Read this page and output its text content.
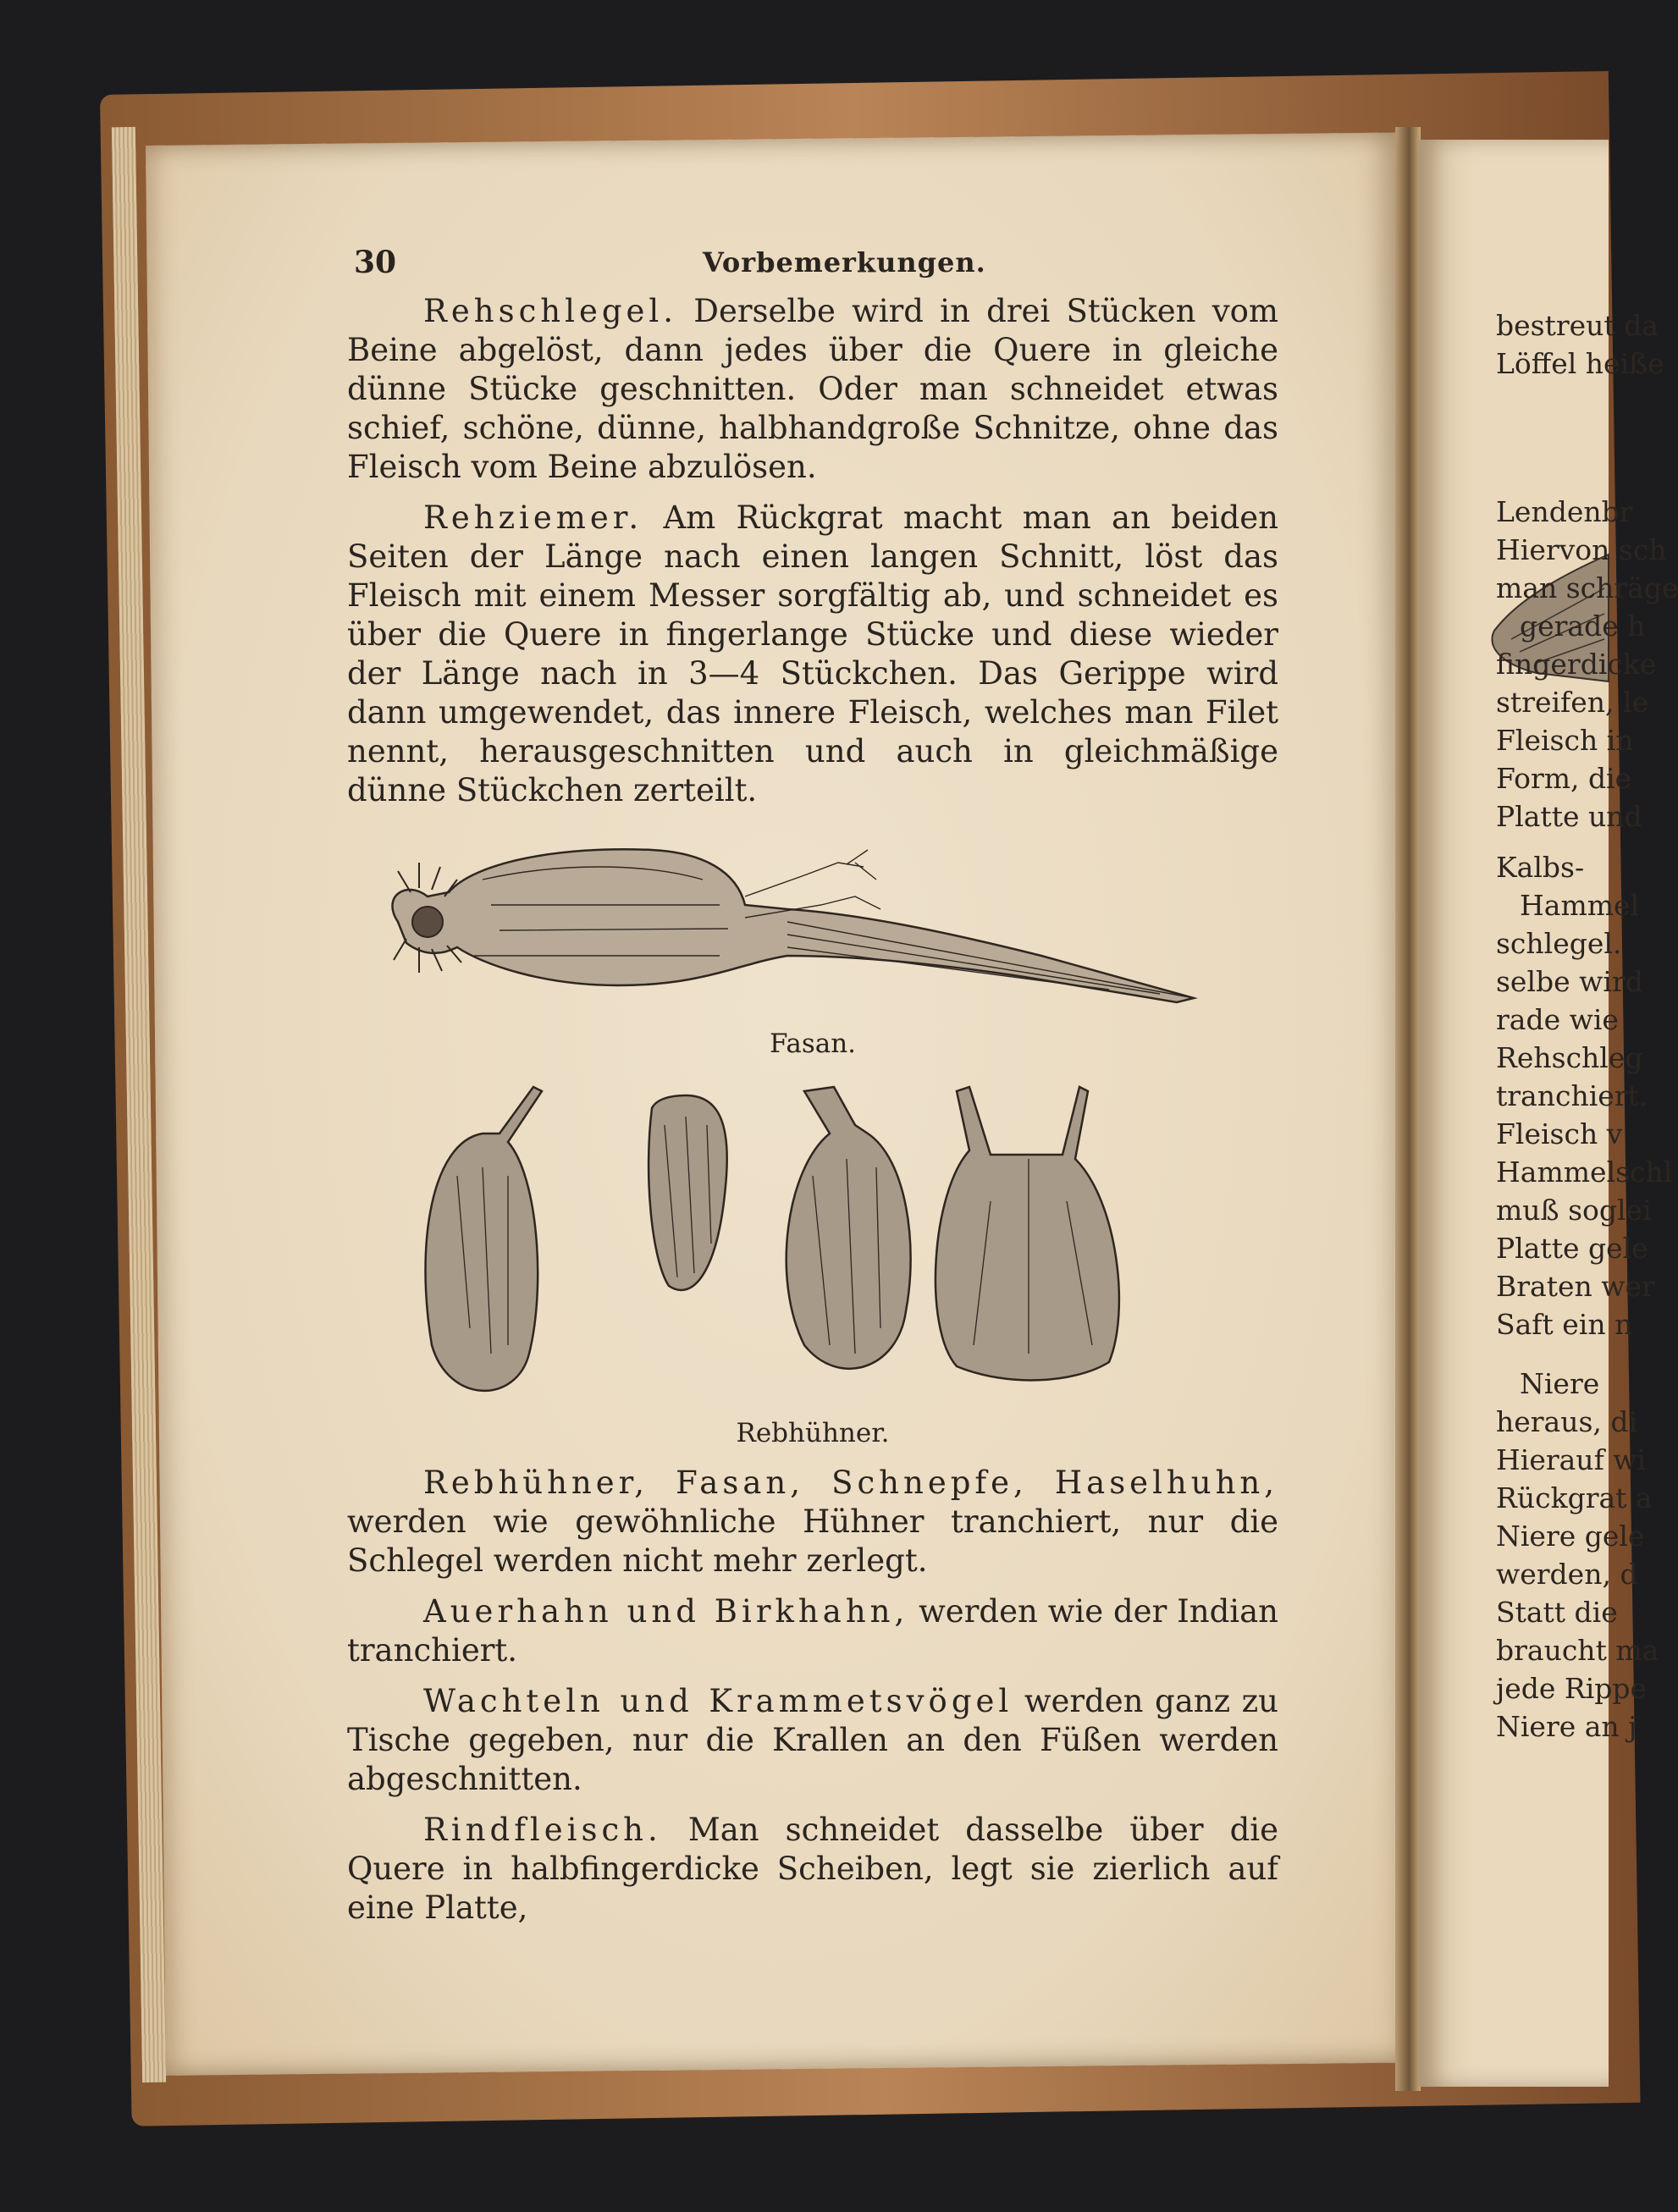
bestreut da
Löffel heiße
Lendenbr
Hiervon sch
man schräge
gerade h
fingerdicke
streifen, le
Fleisch in
Form, die
Platte und
Kalbs-
Hammel
schlegel.
selbe wird
rade wie
Rehschleg
tranchiert.
Fleisch v
Hammelschl
muß soglei
Platte gele
Braten wer
Saft ein n
Niere
heraus, di
Hierauf wi
Rückgrat a
Niere gele
werden, d
Statt die
braucht ma
jede Rippe
Niere an j
30	Vorbemerkungen.

Rehschlegel. Derselbe wird in drei Stücken vom Beine abgelöst, dann jedes über die Quere in gleiche dünne Stücke geschnitten. Oder man schneidet etwas schief, schöne, dünne, halbhandgroße Schnitze, ohne das Fleisch vom Beine abzulösen.

Rehziemer. Am Rückgrat macht man an beiden Seiten der Länge nach einen langen Schnitt, löst das Fleisch mit einem Messer sorgfältig ab, und schneidet es über die Quere in fingerlange Stücke und diese wieder der Länge nach in 3—4 Stückchen. Das Gerippe wird dann umgewendet, das innere Fleisch, welches man Filet nennt, herausgeschnitten und auch in gleichmäßige dünne Stückchen zerteilt.

Fasan.
Rebhühner.

Rebhühner, Fasan, Schnepfe, Haselhuhn, werden wie gewöhnliche Hühner tranchiert, nur die Schlegel werden nicht mehr zerlegt.

Auerhahn und Birkhahn, werden wie der Indian tranchiert.

Wachteln und Krammetsvögel werden ganz zu Tische gegeben, nur die Krallen an den Füßen werden abgeschnitten.

Rindfleisch. Man schneidet dasselbe über die Quere in halbfingerdicke Scheiben, legt sie zierlich auf eine Platte,
